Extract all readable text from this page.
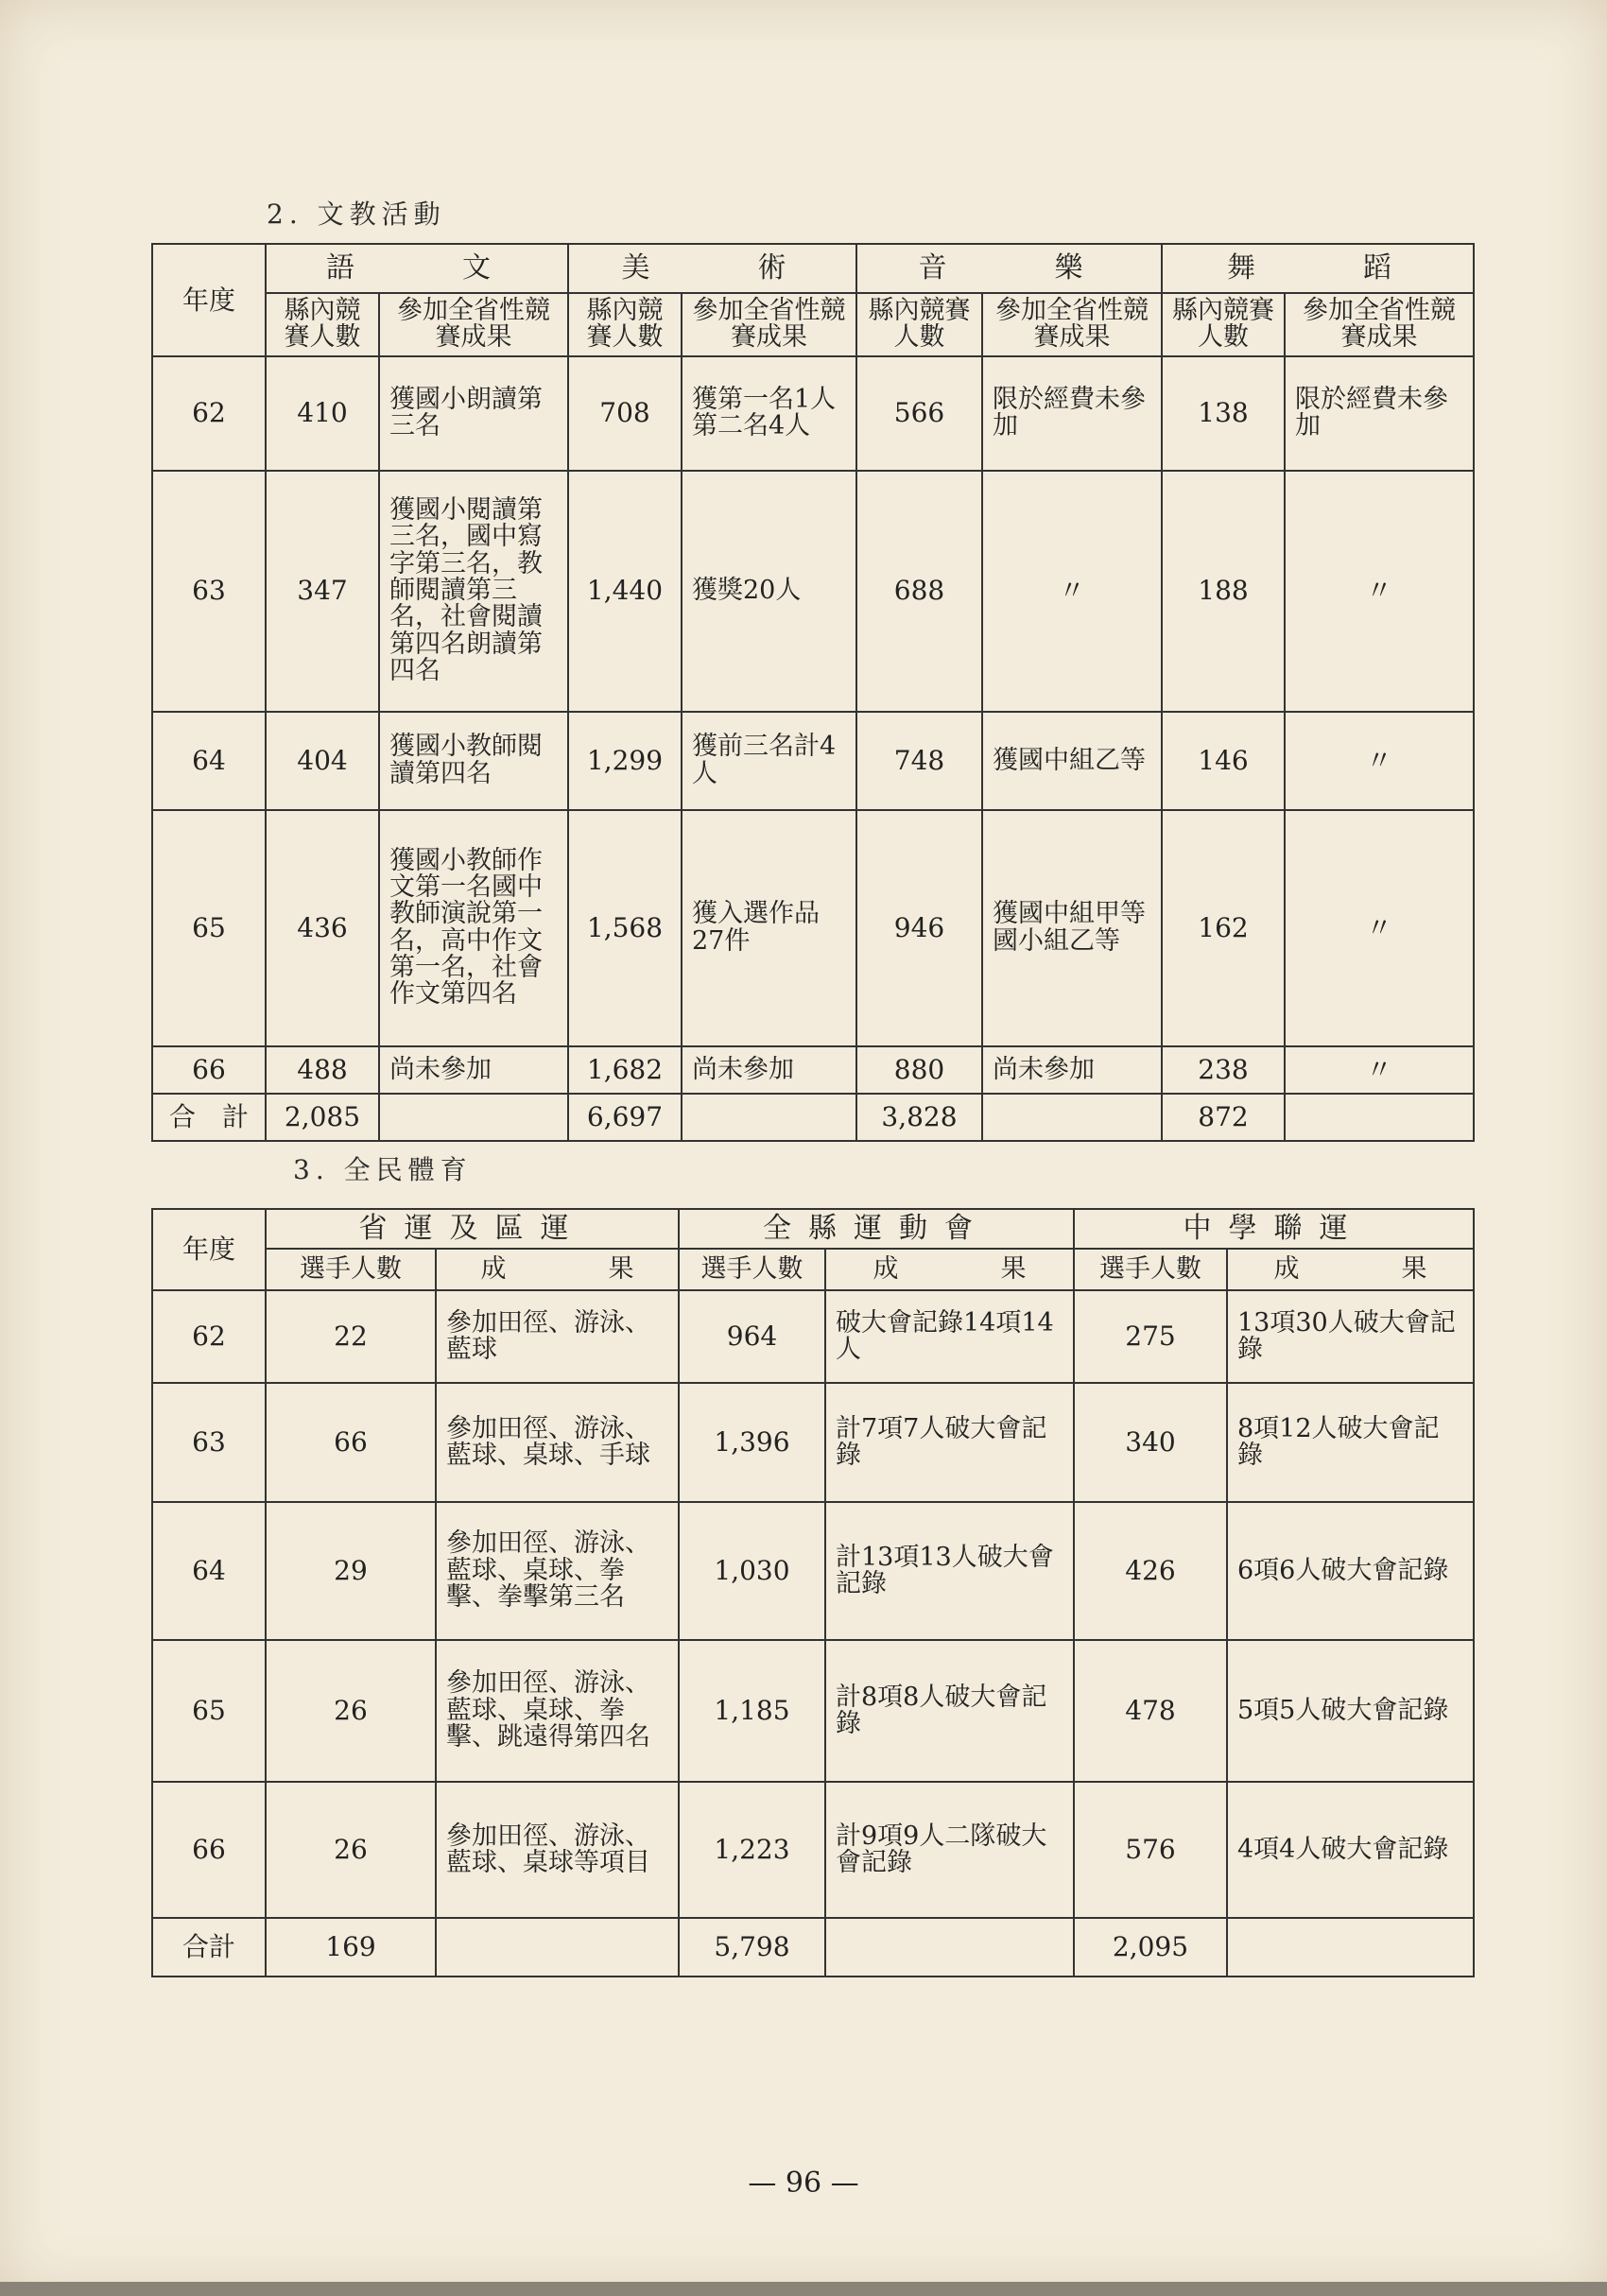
2. 文教活動
年度	語　　文		美　　術		音　　樂		舞　　蹈	
	縣內競賽人數	參加全省性競賽成果	縣內競賽人數	參加全省性競賽成果	縣內競賽人數	參加全省性競賽成果	縣內競賽人數	參加全省性競賽成果
62	410	獲國小朗讀第三名	708	獲第一名1人第二名4人	566	限於經費未參加	138	限於經費未參加
63	347	獲國小閱讀第三名，國中寫字第三名，教師閱讀第三名，社會閱讀第四名朗讀第四名	1,440	獲獎20人	688	〃	188	〃
64	404	獲國小教師閱讀第四名	1,299	獲前三名計4人	748	獲國中組乙等	146	〃
65	436	獲國小教師作文第一名國中教師演說第一名，高中作文第一名，社會作文第四名	1,568	獲入選作品27件	946	獲國中組甲等國小組乙等	162	〃
66	488	尚未參加	1,682	尚未參加	880	尚未參加	238	〃
合　計	2,085		6,697		3,828		872	
3. 全民體育
年度	省運及區運		全縣運動會		中學聯運	
	選手人數	成　　　　果	選手人數	成　　　　果	選手人數	成　　　　果
62	22	參加田徑、游泳、藍球	964	破大會記錄14項14人	275	13項30人破大會記錄
63	66	參加田徑、游泳、藍球、桌球、手球	1,396	計7項7人破大會記錄	340	8項12人破大會記錄
64	29	參加田徑、游泳、藍球、桌球、拳擊、拳擊第三名	1,030	計13項13人破大會記錄	426	6項6人破大會記錄
65	26	參加田徑、游泳、藍球、桌球、拳擊、跳遠得第四名	1,185	計8項8人破大會記錄	478	5項5人破大會記錄
66	26	參加田徑、游泳、藍球、桌球等項目	1,223	計9項9人二隊破大會記錄	576	4項4人破大會記錄
合計	169		5,798		2,095	
— 96 —
